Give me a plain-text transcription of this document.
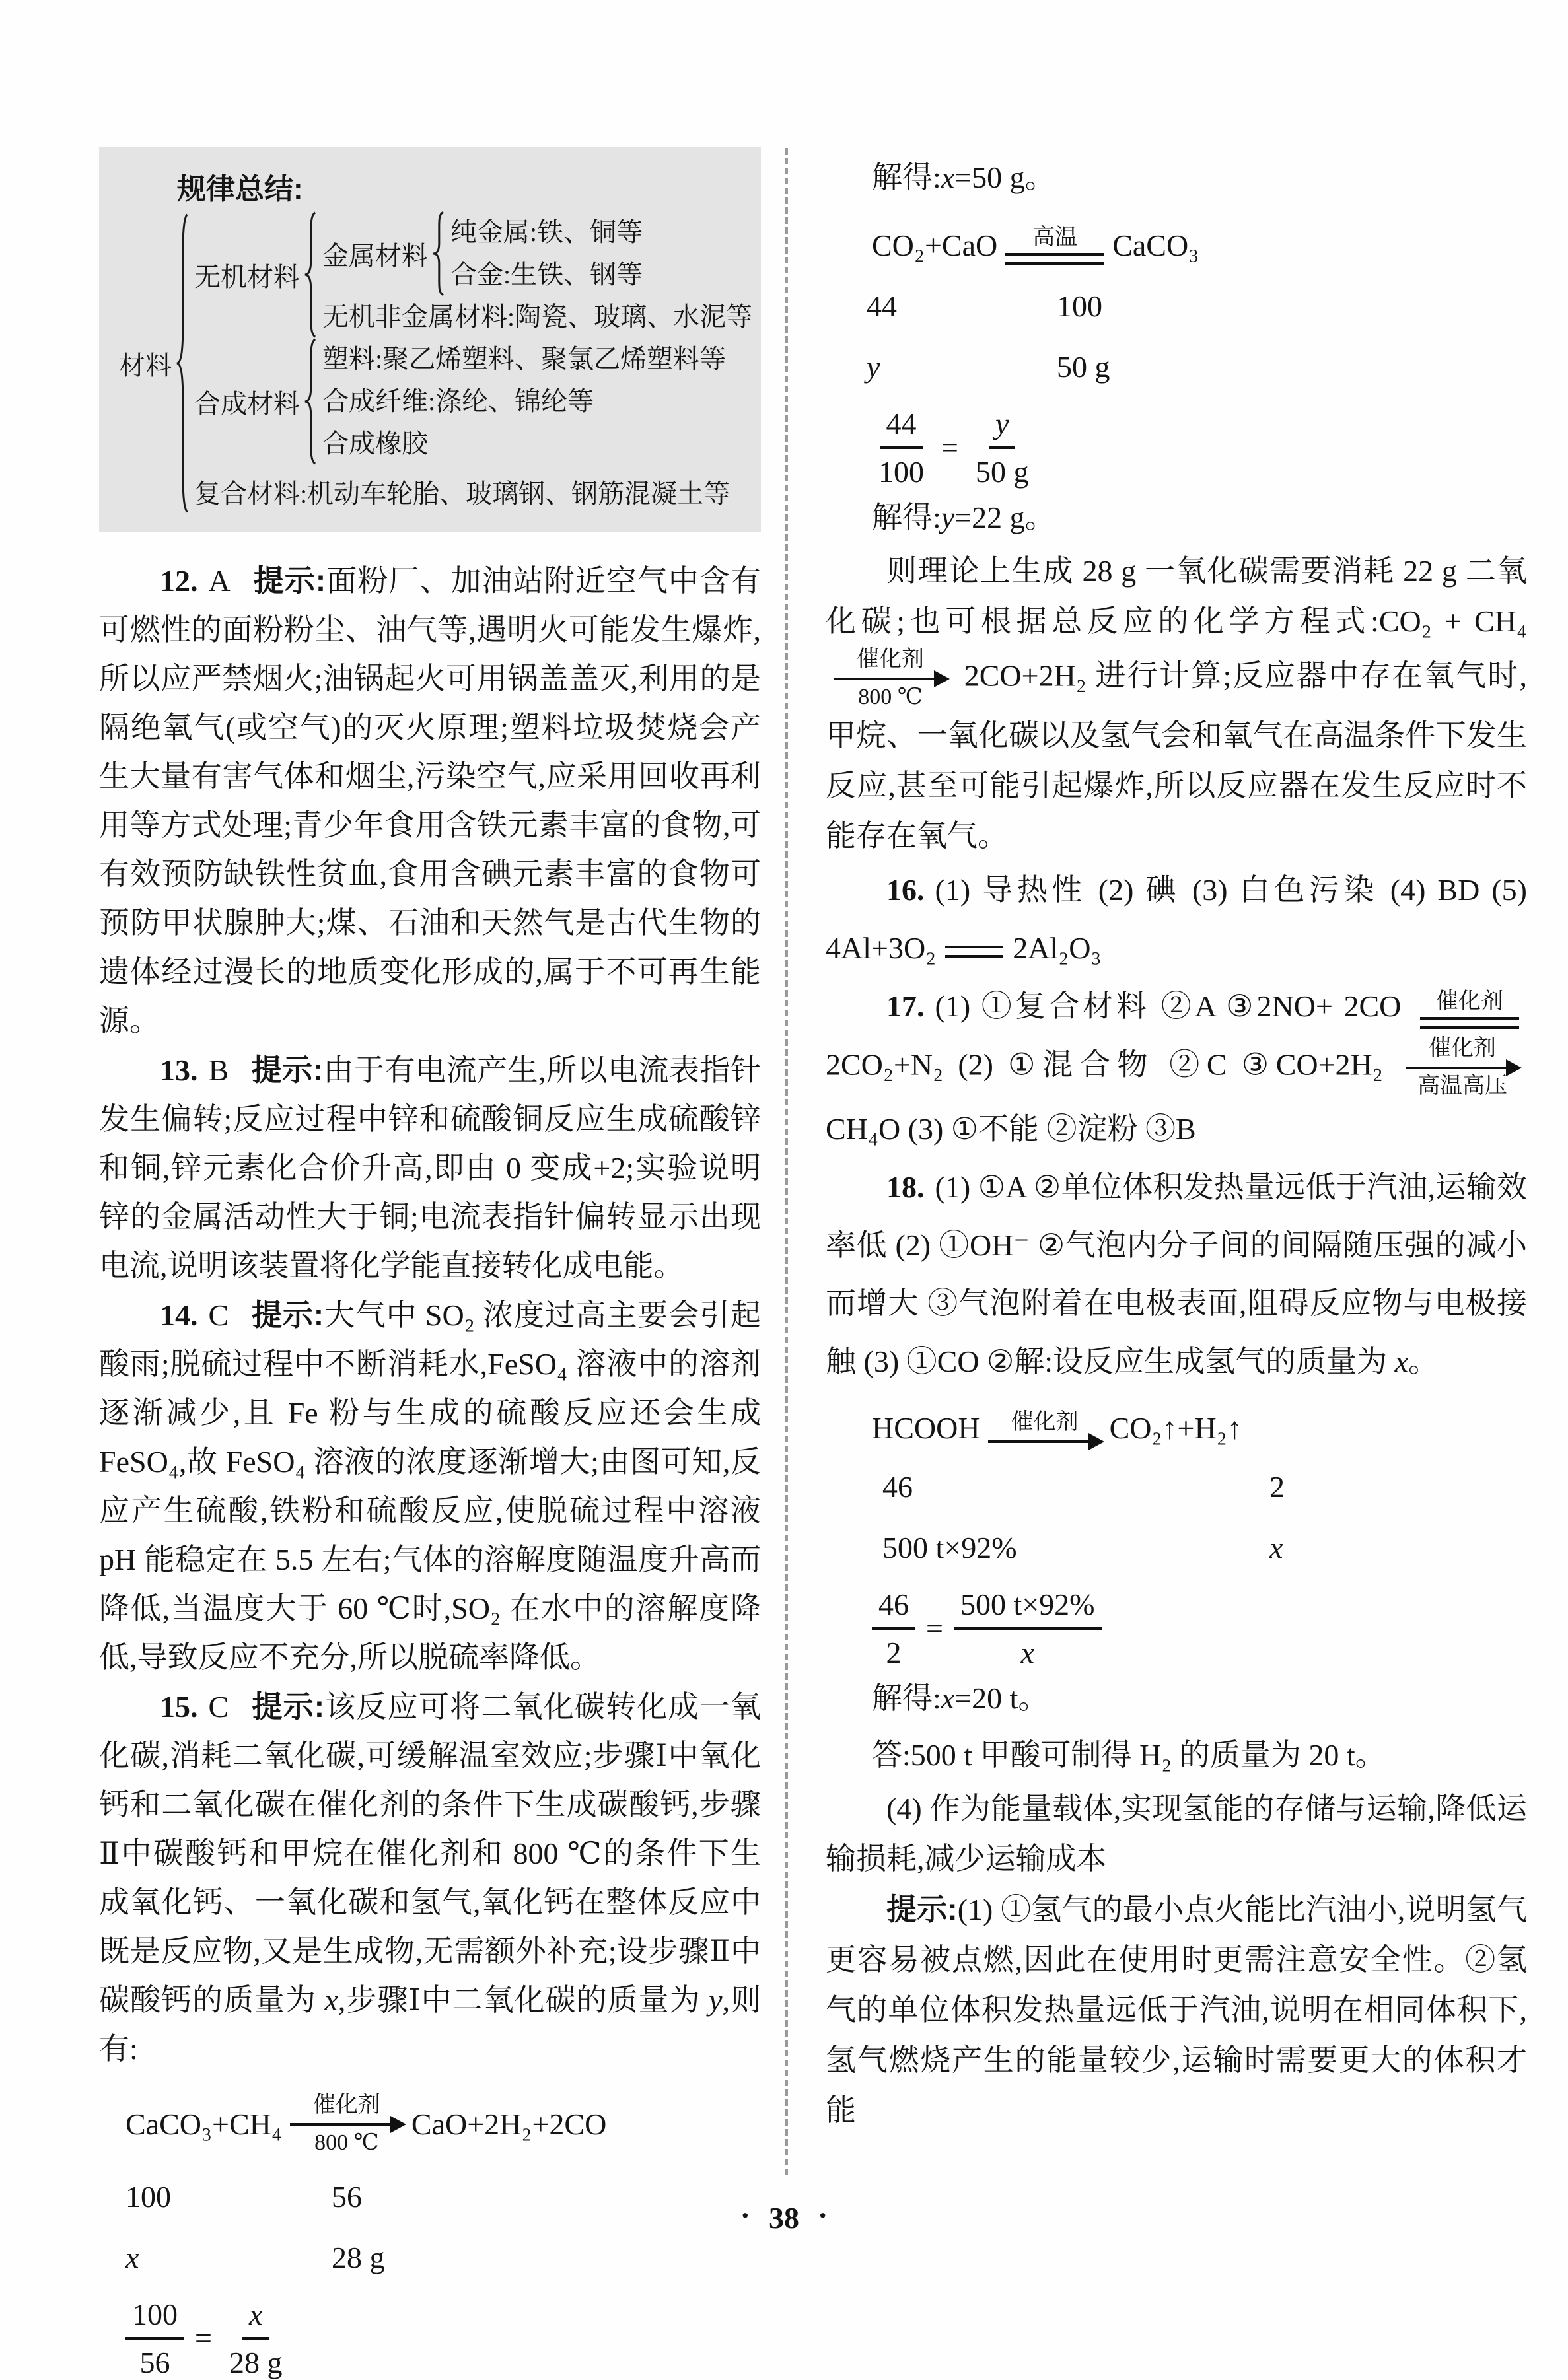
规律总结:
材料
无机材料
金属材料
纯金属:铁、铜等
合金:生铁、钢等
无机非金属材料:陶瓷、玻璃、水泥等
合成材料
塑料:聚乙烯塑料、聚氯乙烯塑料等
合成纤维:涤纶、锦纶等
合成橡胶
复合材料:机动车轮胎、玻璃钢、钢筋混凝土等

12. A 提示:面粉厂、加油站附近空气中含有可燃性的面粉粉尘、油气等,遇明火可能发生爆炸,所以应严禁烟火;油锅起火可用锅盖盖灭,利用的是隔绝氧气(或空气)的灭火原理;塑料垃圾焚烧会产生大量有害气体和烟尘,污染空气,应采用回收再利用等方式处理;青少年食用含铁元素丰富的食物,可有效预防缺铁性贫血,食用含碘元素丰富的食物可预防甲状腺肿大;煤、石油和天然气是古代生物的遗体经过漫长的地质变化形成的,属于不可再生能源。

13. B 提示:由于有电流产生,所以电流表指针发生偏转;反应过程中锌和硫酸铜反应生成硫酸锌和铜,锌元素化合价升高,即由 0 变成+2;实验说明锌的金属活动性大于铜;电流表指针偏转显示出现电流,说明该装置将化学能直接转化成电能。

14. C 提示:大气中 SO₂ 浓度过高主要会引起酸雨;脱硫过程中不断消耗水,FeSO₄ 溶液中的溶剂逐渐减少,且 Fe 粉与生成的硫酸反应还会生成 FeSO₄,故 FeSO₄ 溶液的浓度逐渐增大;由图可知,反应产生硫酸,铁粉和硫酸反应,使脱硫过程中溶液 pH 能稳定在 5.5 左右;气体的溶解度随温度升高而降低,当温度大于 60 ℃时,SO₂ 在水中的溶解度降低,导致反应不充分,所以脱硫率降低。

15. C 提示:该反应可将二氧化碳转化成一氧化碳,消耗二氧化碳,可缓解温室效应;步骤Ⅰ中氧化钙和二氧化碳在催化剂的条件下生成碳酸钙,步骤Ⅱ中碳酸钙和甲烷在催化剂和 800 ℃的条件下生成氧化钙、一氧化碳和氢气,氧化钙在整体反应中既是反应物,又是生成物,无需额外补充;设步骤Ⅱ中碳酸钙的质量为 x,步骤Ⅰ中二氧化碳的质量为 y,则有:

CaCO₃+CH₄
催化剂
800 ℃
CaO+2H₂+2CO
100	56
x	28 g
$\frac{100}{56} = \frac{x}{28 g}$
解得:x=50 g。
CO₂+CaO 高温 CaCO₃
44	100
y	50 g
$\frac{44}{100} = \frac{y}{50 g}$
解得:y=22 g。

则理论上生成 28 g 一氧化碳需要消耗 22 g 二氧化碳;也可根据总反应的化学方程式:CO₂ + CH₄
催化剂
800 ℃
2CO+2H₂ 进行计算;反应器中存在氧气时,甲烷、一氧化碳以及氢气会和氧气在高温条件下发生反应,甚至可能引起爆炸,所以反应器在发生反应时不能存在氧气。

16. (1) 导热性 (2) 碘 (3) 白色污染 (4) BD (5) 4Al+3O₂	2Al₂O₃

17. (1) ①复合材料 ②A ③2NO+ 2CO 催化剂
2CO₂+N₂ (2) ①混合物 ②C ③CO+2H₂ 催化剂
高温高压
CH₄O (3) ①不能 ②淀粉 ③B

18. (1) ①A ②单位体积发热量远低于汽油,运输效率低 (2) ①OH⁻ ②气泡内分子间的间隔随压强的减小而增大 ③气泡附着在电极表面,阻碍反应物与电极接触 (3) ①CO ②解:设反应生成氢气的质量为 x。

HCOOH 催化剂 CO₂↑+H₂↑
46	2
500 t×92%	x
$\frac{46}{2} = \frac{500 t\times 92\%}{x}$
解得:x=20 t。
答:500 t 甲酸可制得 H₂ 的质量为 20 t。

(4) 作为能量载体,实现氢能的存储与运输,降低运输损耗,减少运输成本

提示:(1) ①氢气的最小点火能比汽油小,说明氢气更容易被点燃,因此在使用时更需注意安全性。②氢气的单位体积发热量远低于汽油,说明在相同体积下,氢气燃烧产生的能量较少,运输时需要更大的体积才能

· 38 ·
